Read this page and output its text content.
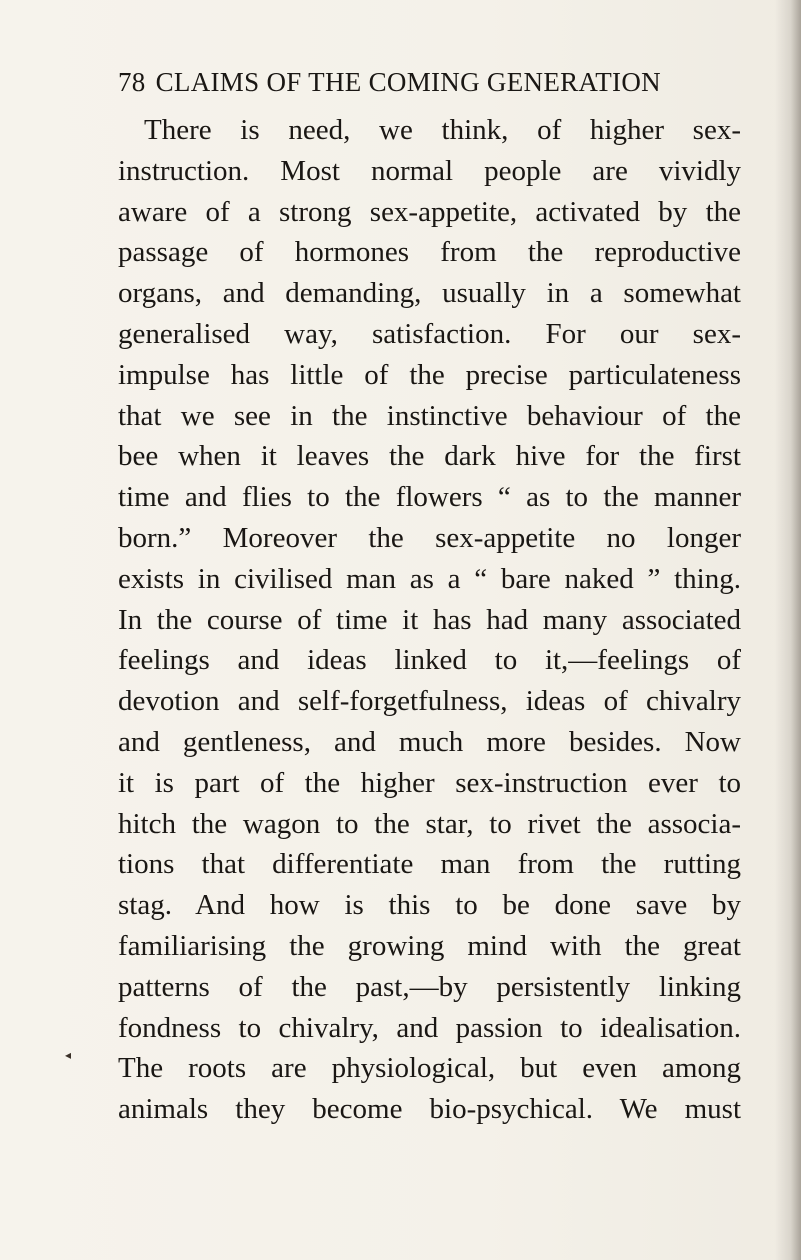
78 CLAIMS OF THE COMING GENERATION
There is need, we think, of higher sex-
instruction. Most normal people are vividly
aware of a strong sex-appetite, activated by the
passage of hormones from the reproductive
organs, and demanding, usually in a somewhat
generalised way, satisfaction. For our sex-
impulse has little of the precise particulateness
that we see in the instinctive behaviour of the
bee when it leaves the dark hive for the first
time and flies to the flowers “ as to the manner
born.” Moreover the sex-appetite no longer
exists in civilised man as a “ bare naked ” thing.
In the course of time it has had many associated
feelings and ideas linked to it,—feelings of
devotion and self-forgetfulness, ideas of chivalry
and gentleness, and much more besides. Now
it is part of the higher sex-instruction ever to
hitch the wagon to the star, to rivet the associa-
tions that differentiate man from the rutting
stag. And how is this to be done save by
familiarising the growing mind with the great
patterns of the past,—by persistently linking
fondness to chivalry, and passion to idealisation.
The roots are physiological, but even among
animals they become bio-psychical. We must
◂
